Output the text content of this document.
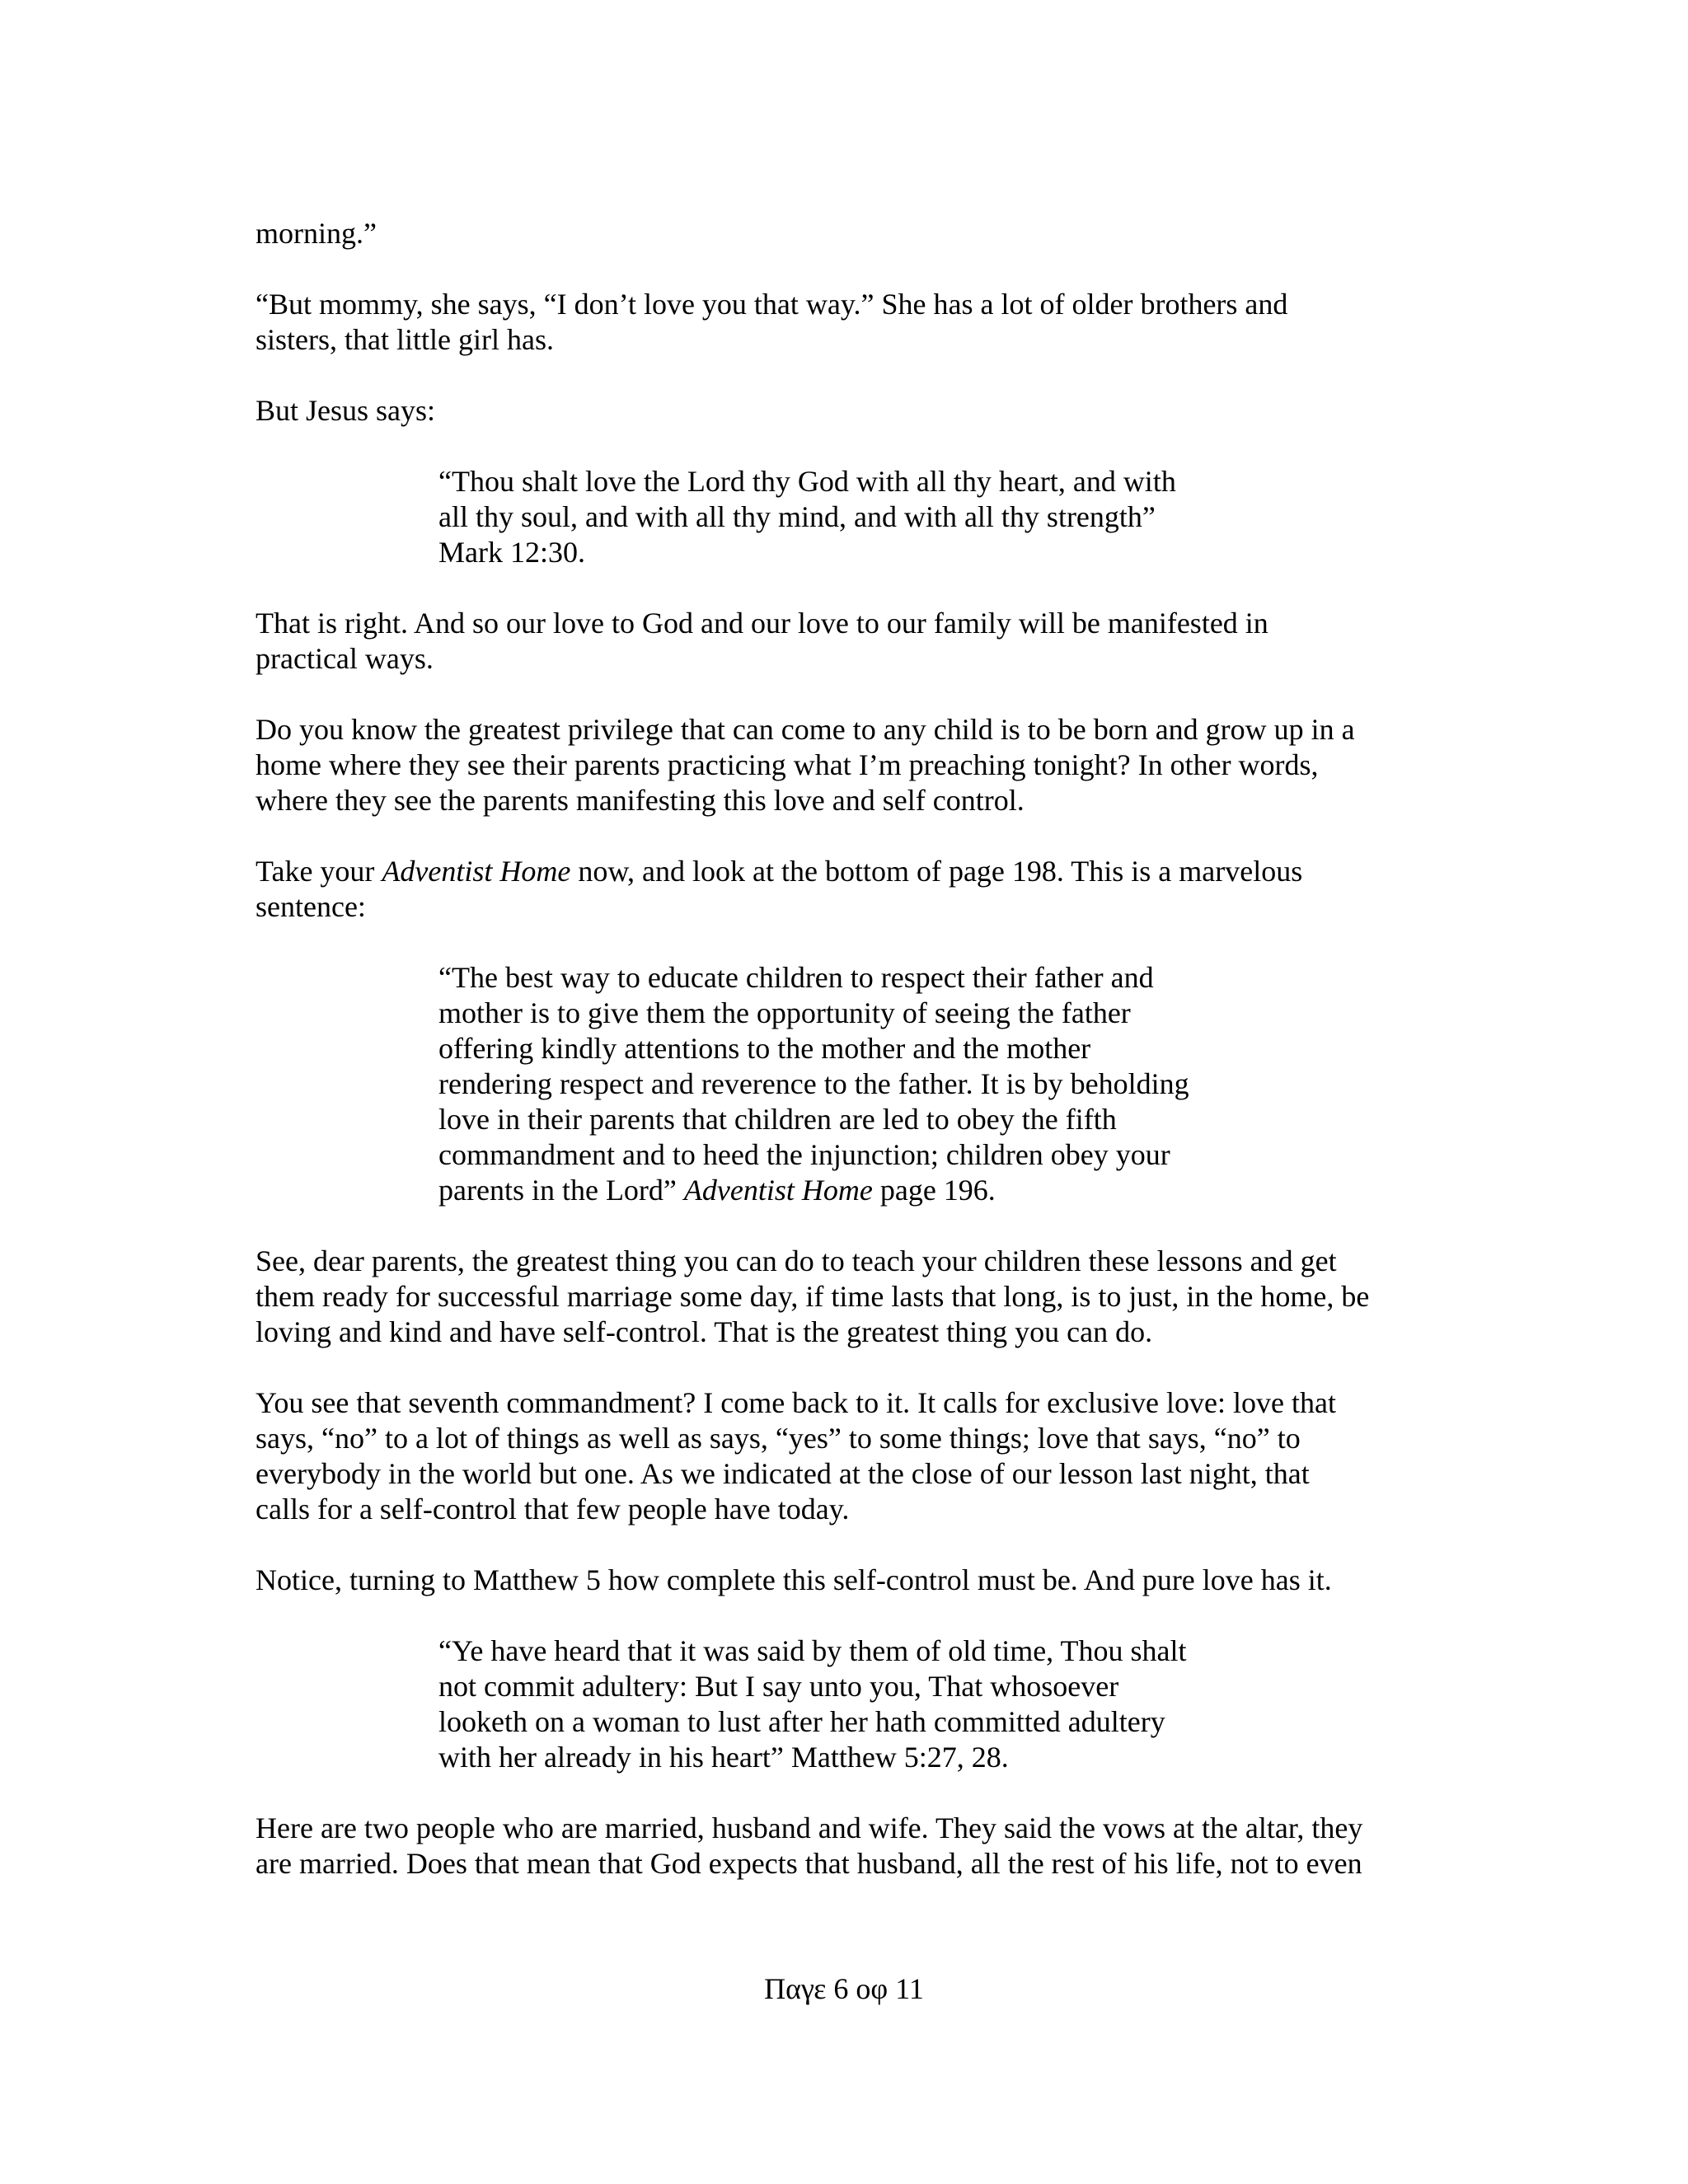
morning.”

“But mommy, she says, “I don’t love you that way.” She has a lot of older brothers and
sisters, that little girl has.

But Jesus says:

“Thou shalt love the Lord thy God with all thy heart, and with
all thy soul, and with all thy mind, and with all thy strength”
Mark 12:30.

That is right. And so our love to God and our love to our family will be manifested in
practical ways.

Do you know the greatest privilege that can come to any child is to be born and grow up in a
home where they see their parents practicing what I’m preaching tonight? In other words,
where they see the parents manifesting this love and self control.

Take your Adventist Home now, and look at the bottom of page 198. This is a marvelous
sentence:

“The best way to educate children to respect their father and
mother is to give them the opportunity of seeing the father
offering kindly attentions to the mother and the mother
rendering respect and reverence to the father. It is by beholding
love in their parents that children are led to obey the fifth
commandment and to heed the injunction; children obey your
parents in the Lord” Adventist Home page 196.

See, dear parents, the greatest thing you can do to teach your children these lessons and get
them ready for successful marriage some day, if time lasts that long, is to just, in the home, be
loving and kind and have self-control. That is the greatest thing you can do.

You see that seventh commandment? I come back to it. It calls for exclusive love: love that
says, “no” to a lot of things as well as says, “yes” to some things; love that says, “no” to
everybody in the world but one. As we indicated at the close of our lesson last night, that
calls for a self-control that few people have today.

Notice, turning to Matthew 5 how complete this self-control must be. And pure love has it.

“Ye have heard that it was said by them of old time, Thou shalt
not commit adultery: But I say unto you, That whosoever
looketh on a woman to lust after her hath committed adultery
with her already in his heart” Matthew 5:27, 28.

Here are two people who are married, husband and wife. They said the vows at the altar, they
are married. Does that mean that God expects that husband, all the rest of his life, not to even

Παγε 6 οφ 11
